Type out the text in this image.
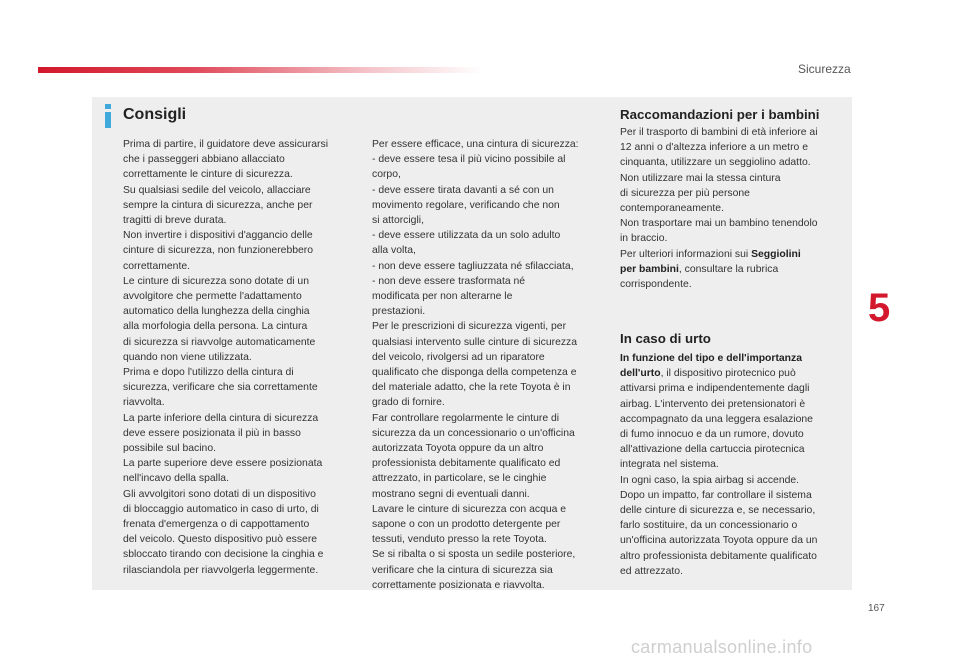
Sicurezza
Consigli

Prima di partire, il guidatore deve assicurarsi
che i passeggeri abbiano allacciato
correttamente le cinture di sicurezza.
Su qualsiasi sedile del veicolo, allacciare
sempre la cintura di sicurezza, anche per
tragitti di breve durata.
Non invertire i dispositivi d'aggancio delle
cinture di sicurezza, non funzionerebbero
correttamente.
Le cinture di sicurezza sono dotate di un
avvolgitore che permette l'adattamento
automatico della lunghezza della cinghia
alla morfologia della persona. La cintura
di sicurezza si riavvolge automaticamente
quando non viene utilizzata.
Prima e dopo l'utilizzo della cintura di
sicurezza, verificare che sia correttamente
riavvolta.
La parte inferiore della cintura di sicurezza
deve essere posizionata il più in basso
possibile sul bacino.
La parte superiore deve essere posizionata
nell'incavo della spalla.
Gli avvolgitori sono dotati di un dispositivo
di bloccaggio automatico in caso di urto, di
frenata d'emergenza o di cappottamento
del veicolo. Questo dispositivo può essere
sbloccato tirando con decisione la cinghia e
rilasciandola per riavvolgerla leggermente.

Per essere efficace, una cintura di sicurezza:
- deve essere tesa il più vicino possibile al
corpo,
- deve essere tirata davanti a sé con un
movimento regolare, verificando che non
si attorcigli,
- deve essere utilizzata da un solo adulto
alla volta,
- non deve essere tagliuzzata né sfilacciata,
- non deve essere trasformata né
modificata per non alterarne le
prestazioni.
Per le prescrizioni di sicurezza vigenti, per
qualsiasi intervento sulle cinture di sicurezza
del veicolo, rivolgersi ad un riparatore
qualificato che disponga della competenza e
del materiale adatto, che la rete Toyota è in
grado di fornire.
Far controllare regolarmente le cinture di
sicurezza da un concessionario o un'officina
autorizzata Toyota oppure da un altro
professionista debitamente qualificato ed
attrezzato, in particolare, se le cinghie
mostrano segni di eventuali danni.
Lavare le cinture di sicurezza con acqua e
sapone o con un prodotto detergente per
tessuti, venduto presso la rete Toyota.
Se si ribalta o si sposta un sedile posteriore,
verificare che la cintura di sicurezza sia
correttamente posizionata e riavvolta.

Raccomandazioni per i bambini

Per il trasporto di bambini di età inferiore ai
12 anni o d'altezza inferiore a un metro e
cinquanta, utilizzare un seggiolino adatto.
Non utilizzare mai la stessa cintura
di sicurezza per più persone
contemporaneamente.
Non trasportare mai un bambino tenendolo
in braccio.
Per ulteriori informazioni sui Seggiolini
per bambini, consultare la rubrica
corrispondente.

In caso di urto

In funzione del tipo e dell'importanza
dell'urto, il dispositivo pirotecnico può
attivarsi prima e indipendentemente dagli
airbag. L'intervento dei pretensionatori è
accompagnato da una leggera esalazione
di fumo innocuo e da un rumore, dovuto
all'attivazione della cartuccia pirotecnica
integrata nel sistema.
In ogni caso, la spia airbag si accende.
Dopo un impatto, far controllare il sistema
delle cinture di sicurezza e, se necessario,
farlo sostituire, da un concessionario o
un'officina autorizzata Toyota oppure da un
altro professionista debitamente qualificato
ed attrezzato.

5
167
carmanualsonline.info
